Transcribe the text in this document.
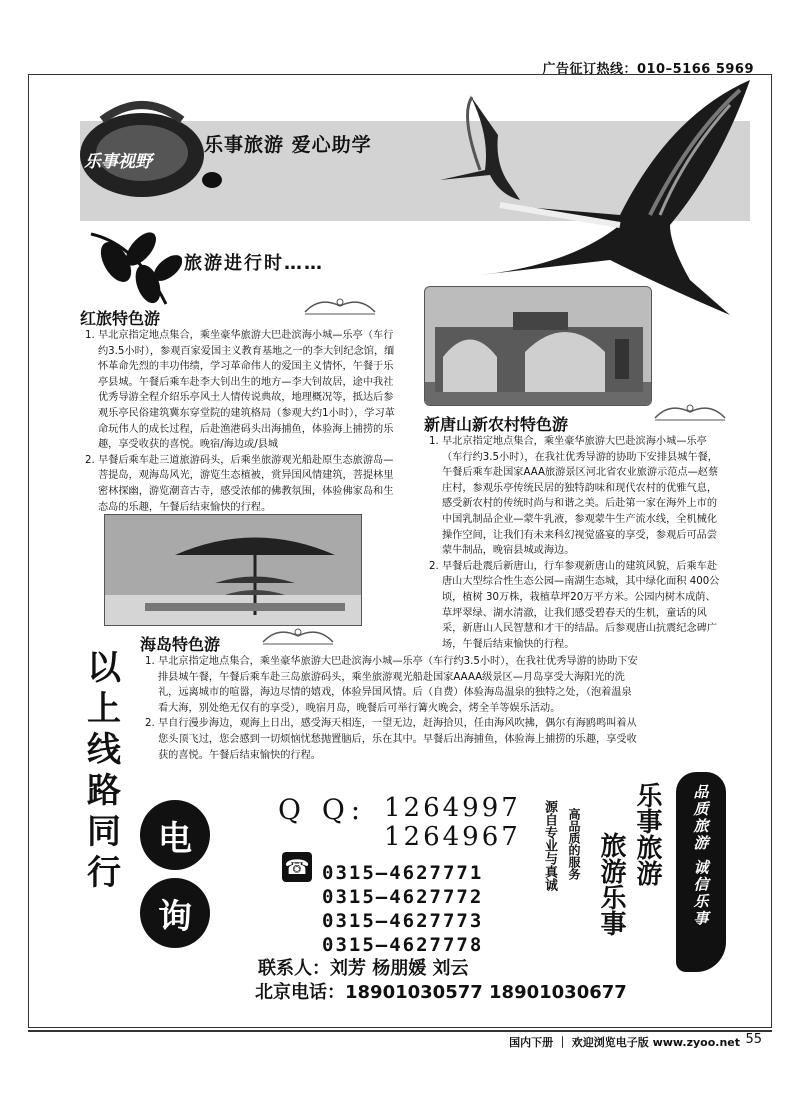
广告征订热线：010–5166 5969
乐事视野
乐事旅游 爱心助学
旅游进行时……
红旅特色游
1. 早北京指定地点集合，乘坐豪华旅游大巴赴滨海小城—乐亭（车行约3.5小时），参观百家爱国主义教育基地之一的李大钊纪念馆，缅怀革命先烈的丰功伟绩，学习革命伟人的爱国主义情怀，午餐于乐亭县城。午餐后乘车赴李大钊出生的地方—李大钊故居，途中我社优秀导游全程介绍乐亭风土人情传说典故，地理概况等，抵达后参观乐亭民俗建筑冀东穿堂院的建筑格局（参观大约1小时），学习革命玩伟人的成长过程，后赴渔港码头出海捕鱼，体验海上捕捞的乐趣，享受收获的喜悦。晚宿/海边或/县城
2. 早餐后乘车赴三道旅游码头，后乘坐旅游观光船赴原生态旅游岛—菩提岛，观海岛风光，游览生态植被，赏异国风情建筑，菩提林里密林探幽，游览潮音古寺，感受浓郁的佛教氛围，体验佛家岛和生态岛的乐趣，午餐后结束愉快的行程。
新唐山新农村特色游
1. 早北京指定地点集合，乘坐豪华旅游大巴赴滨海小城—乐亭（车行约3.5小时），在我社优秀导游的协助下安排县城午餐，午餐后乘车赴国家AAA旅游景区河北省农业旅游示范点—赵蔡庄村，参观乐亭传统民居的独特韵味和现代农村的优雅气息，感受新农村的传统时尚与和谐之美。后赴第一家在海外上市的中国乳制品企业—蒙牛乳液，参观蒙牛生产流水线，全机械化操作空间，让我们有未来科幻视觉盛宴的享受，参观后可品尝蒙牛制品，晚宿县城或海边。
2. 早餐后赴震后新唐山，行车参观新唐山的建筑风貌，后乘车赴唐山大型综合性生态公园—南湖生态城，其中绿化面积 400公顷，植树 30万株，栽植草坪20万平方米。公园内树木成荫、草坪翠绿、湖水清澈，让我们感受碧春天的生机，童话的风采，新唐山人民智慧和才干的结晶。后参观唐山抗震纪念碑广场，午餐后结束愉快的行程。
海岛特色游
1. 早北京指定地点集合，乘坐豪华旅游大巴赴滨海小城—乐亭（车行约3.5小时），在我社优秀导游的协助下安排县城午餐，午餐后乘车赴三岛旅游码头，乘坐旅游观光船赴国家AAAA级景区—月岛享受大海阳光的洗礼，远离城市的喧嚣，海边尽情的嬉戏，体验异国风情。后（自费）体验海岛温泉的独特之处，（泡着温泉看大海，别处绝无仅有的享受），晚宿月岛，晚餐后可举行篝火晚会，烤全羊等娱乐活动。
2. 早自行漫步海边，观海上日出，感受海天相连，一望无边，赶海拾贝，任由海风吹拂，偶尔有海鸥鸣叫着从您头顶飞过，您会感到一切烦恼忧愁抛置脑后，乐在其中。早餐后出海捕鱼，体验海上捕捞的乐趣，享受收获的喜悦。午餐后结束愉快的行程。
以
上
线
路
同
行
电
询
Q Q: 1264997
1264967
☎ 0315–4627771
0315–4627772
0315–4627773
0315–4627778
联系人：刘芳 杨朋媛 刘云
北京电话：18901030577 18901030677
高品质的服务
源自专业与真诚	乐事旅游
旅游乐事	品质旅游 诚信乐事
国内下册 ｜ 欢迎浏览电子版 www.zyoo.net 55
